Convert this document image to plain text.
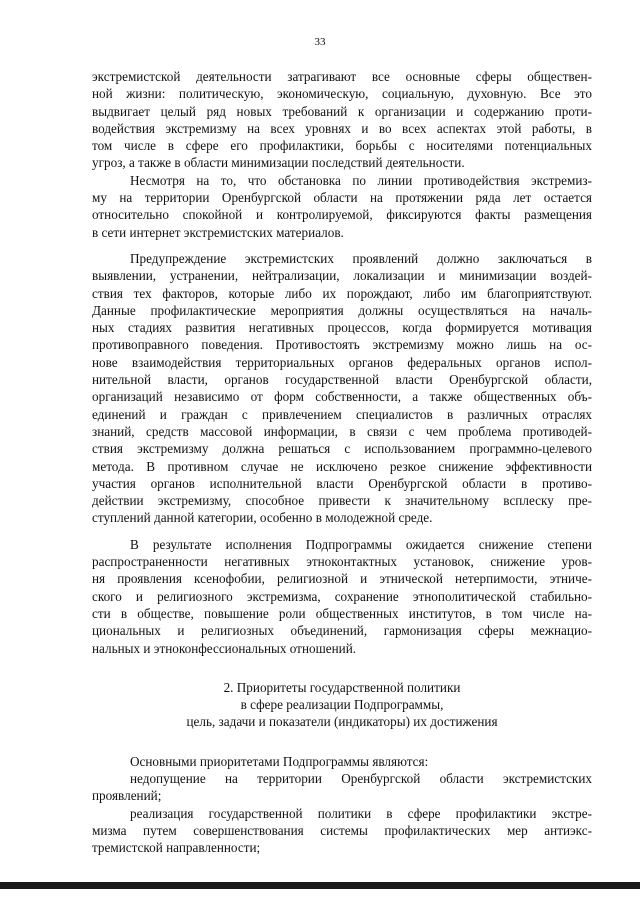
33
экстремистской деятельности затрагивают все основные сферы обществен-
ной жизни: политическую, экономическую, социальную, духовную. Все это
выдвигает целый ряд новых требований к организации и содержанию проти-
водействия экстремизму на всех уровнях и во всех аспектах этой работы, в
том числе в сфере его профилактики, борьбы с носителями потенциальных
угроз, а также в области минимизации последствий деятельности.
Несмотря на то, что обстановка по линии противодействия экстремиз-
му на территории Оренбургской области на протяжении ряда лет остается
относительно спокойной и контролируемой, фиксируются факты размещения
в сети интернет экстремистских материалов.
Предупреждение экстремистских проявлений должно заключаться в
выявлении, устранении, нейтрализации, локализации и минимизации воздей-
ствия тех факторов, которые либо их порождают, либо им благоприятствуют.
Данные профилактические мероприятия должны осуществляться на началь-
ных стадиях развития негативных процессов, когда формируется мотивация
противоправного поведения. Противостоять экстремизму можно лишь на ос-
нове взаимодействия территориальных органов федеральных органов испол-
нительной власти, органов государственной власти Оренбургской области,
организаций независимо от форм собственности, а также общественных объ-
единений и граждан с привлечением специалистов в различных отраслях
знаний, средств массовой информации, в связи с чем проблема противодей-
ствия экстремизму должна решаться с использованием программно-целевого
метода. В противном случае не исключено резкое снижение эффективности
участия органов исполнительной власти Оренбургской области в противо-
действии экстремизму, способное привести к значительному всплеску пре-
ступлений данной категории, особенно в молодежной среде.
В результате исполнения Подпрограммы ожидается снижение степени
распространенности негативных этноконтактных установок, снижение уров-
ня проявления ксенофобии, религиозной и этнической нетерпимости, этниче-
ского и религиозного экстремизма, сохранение этнополитической стабильно-
сти в обществе, повышение роли общественных институтов, в том числе на-
циональных и религиозных объединений, гармонизация сферы межнацио-
нальных и этноконфессиональных отношений.
2. Приоритеты государственной политики
в сфере реализации Подпрограммы,
цель, задачи и показатели (индикаторы) их достижения
Основными приоритетами Подпрограммы являются:
недопущение на территории Оренбургской области экстремистских
проявлений;
реализация государственной политики в сфере профилактики экстре-
мизма путем совершенствования системы профилактических мер антиэкс-
тремистской направленности;
